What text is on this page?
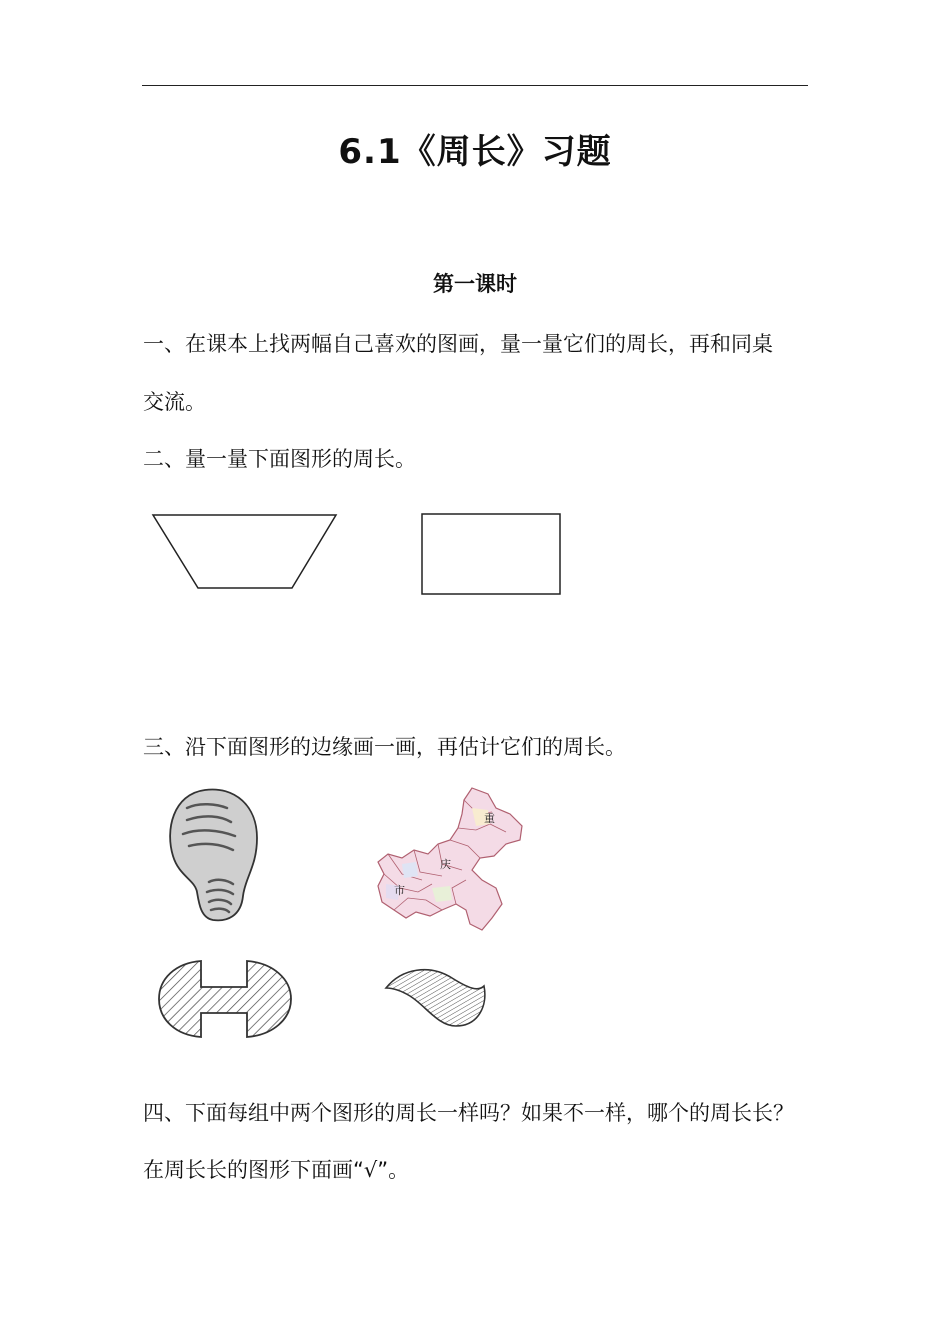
6.1《周长》习题
第一课时
一、在课本上找两幅自己喜欢的图画，量一量它们的周长，再和同桌
交流。
二、量一量下面图形的周长。
三、沿下面图形的边缘画一画，再估计它们的周长。
重
庆
市
四、下面每组中两个图形的周长一样吗？如果不一样，哪个的周长长？
在周长长的图形下面画“√”。
